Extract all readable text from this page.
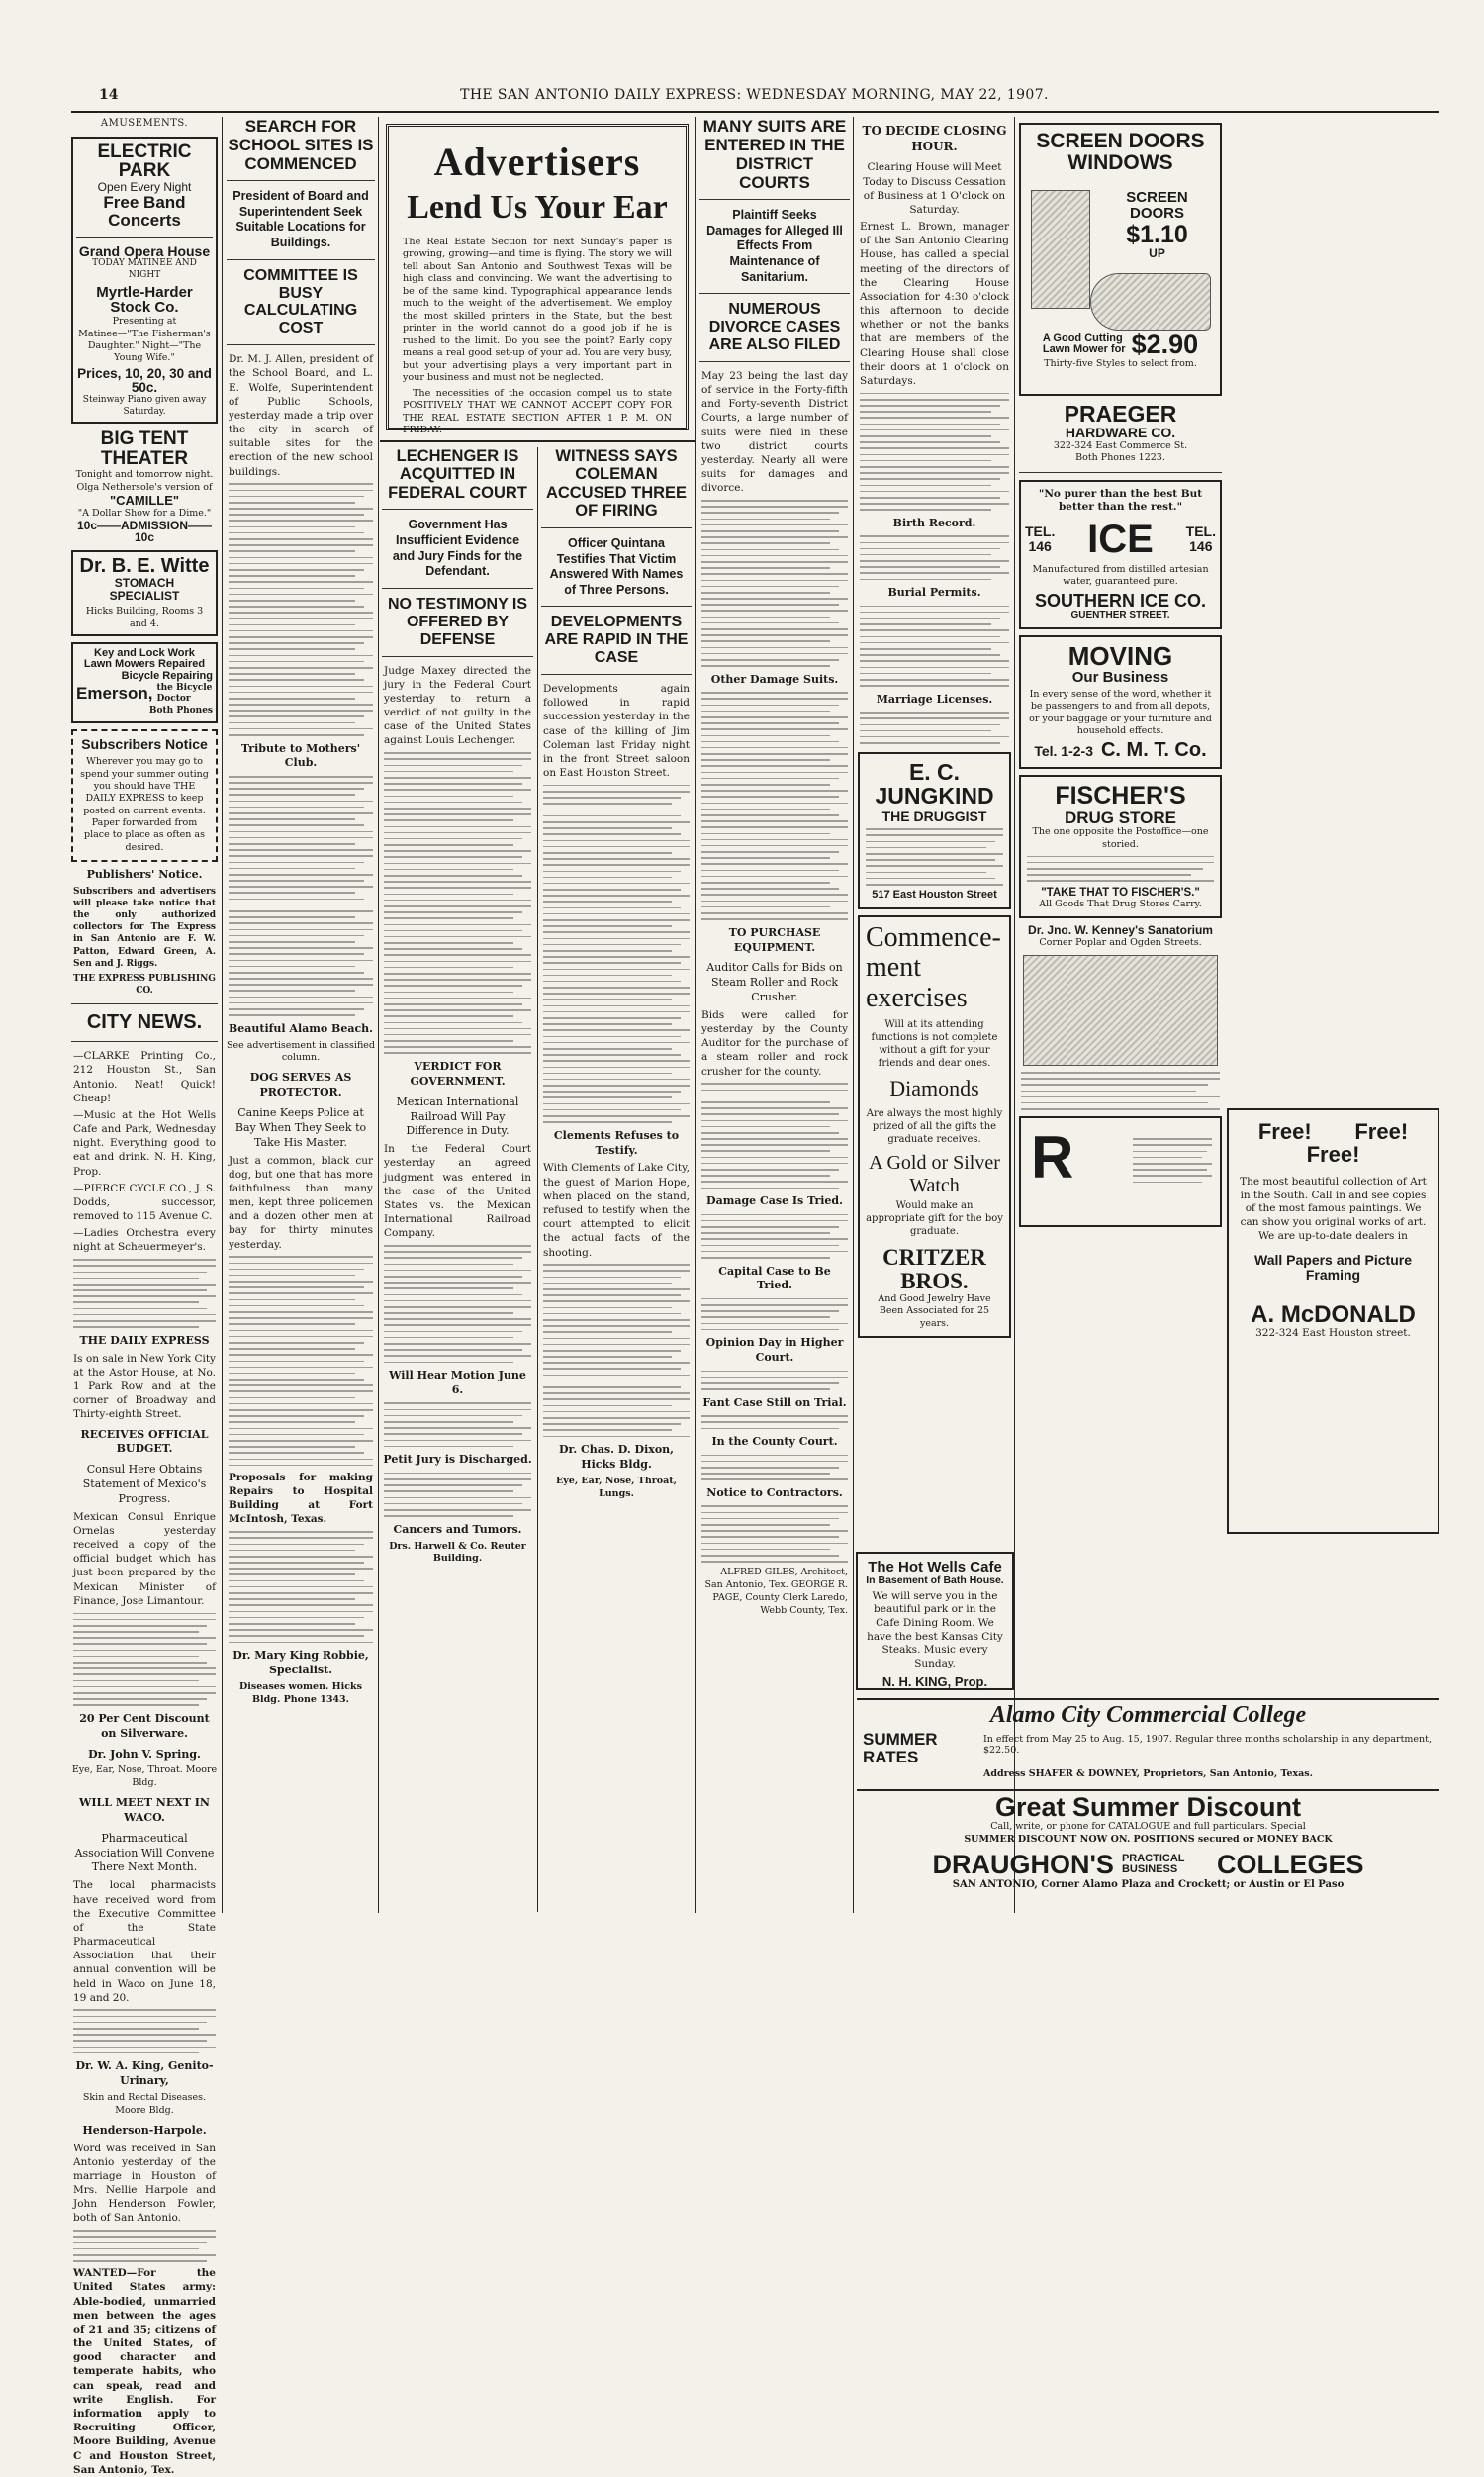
14	THE SAN ANTONIO DAILY EXPRESS: WEDNESDAY MORNING, MAY 22, 1907.
AMUSEMENTS.
ELECTRIC PARK
Open Every Night
Free Band Concerts
Grand Opera House
TODAY MATINEE AND NIGHT
Myrtle-Harder Stock Co.
Presenting at
Matinee—"The Fisherman's Daughter." Night—"The Young Wife."
Prices, 10, 20, 30 and 50c.
Steinway Piano given away Saturday.
BIG TENT THEATER
Tonight and tomorrow night. Olga Nethersole's version of
"CAMILLE"
"A Dollar Show for a Dime."
10c——ADMISSION——10c
Dr. B. E. Witte
STOMACH
SPECIALIST
Hicks Building, Rooms 3 and 4.
Key and Lock Work
Lawn Mowers Repaired
Bicycle Repairing
Emerson, the Bicycle Doctor
Both Phones
Subscribers Notice
Wherever you may go to spend your summer outing you should have THE DAILY EXPRESS to keep posted on current events. Paper forwarded from place to place as often as desired.
Publishers' Notice.
Subscribers and advertisers will please take notice that the only authorized collectors for The Express in San Antonio are F. W. Patton, Edward Green, A. Sen and J. Riggs.
THE EXPRESS PUBLISHING CO.
CITY NEWS.
—CLARKE Printing Co., 212 Houston St., San Antonio. Neat! Quick! Cheap!
—Music at the Hot Wells Cafe and Park, Wednesday night. Everything good to eat and drink. N. H. King, Prop.
—PIERCE CYCLE CO., J. S. Dodds, successor, removed to 115 Avenue C.
—Ladies Orchestra every night at Scheuermeyer's.
THE DAILY EXPRESS
Is on sale in New York City at the Astor House, at No. 1 Park Row and at the corner of Broadway and Thirty-eighth Street.
RECEIVES OFFICIAL BUDGET.
Consul Here Obtains Statement of Mexico's Progress.
Mexican Consul Enrique Ornelas yesterday received a copy of the official budget which has just been prepared by the Mexican Minister of Finance, Jose Limantour.
20 Per Cent Discount on Silverware.
Dr. John V. Spring.
Eye, Ear, Nose, Throat. Moore Bldg.
WILL MEET NEXT IN WACO.
Pharmaceutical Association Will Convene There Next Month.
The local pharmacists have received word from the Executive Committee of the State Pharmaceutical Association that their annual convention will be held in Waco on June 18, 19 and 20.
Dr. W. A. King, Genito-Urinary,
Skin and Rectal Diseases. Moore Bldg.
Henderson-Harpole.
Word was received in San Antonio yesterday of the marriage in Houston of Mrs. Nellie Harpole and John Henderson Fowler, both of San Antonio.
WANTED—For the United States army: Able-bodied, unmarried men between the ages of 21 and 35; citizens of the United States, of good character and temperate habits, who can speak, read and write English. For information apply to Recruiting Officer, Moore Building, Avenue C and Houston Street, San Antonio, Tex.
SEARCH FOR SCHOOL SITES IS COMMENCED
President of Board and Superintendent Seek Suitable Locations for Buildings.
COMMITTEE IS BUSY CALCULATING COST
Dr. M. J. Allen, president of the School Board, and L. E. Wolfe, Superintendent of Public Schools, yesterday made a trip over the city in search of suitable sites for the erection of the new school buildings.
Tribute to Mothers' Club.
Beautiful Alamo Beach.
See advertisement in classified column.
DOG SERVES AS PROTECTOR.
Canine Keeps Police at Bay When They Seek to Take His Master.
Just a common, black cur dog, but one that has more faithfulness than many men, kept three policemen and a dozen other men at bay for thirty minutes yesterday.
Proposals for making Repairs to Hospital Building at Fort McIntosh, Texas.
Dr. Mary King Robbie, Specialist.
Diseases women. Hicks Bldg. Phone 1343.
Advertisers
Lend Us Your Ear
The Real Estate Section for next Sunday's paper is growing, growing—and time is flying. The story we will tell about San Antonio and Southwest Texas will be high class and convincing. We want the advertising to be of the same kind. Typographical appearance lends much to the weight of the advertisement. We employ the most skilled printers in the State, but the best printer in the world cannot do a good job if he is rushed to the limit. Do you see the point? Early copy means a real good set-up of your ad. You are very busy, but your advertising plays a very important part in your business and must not be neglected.
The necessities of the occasion compel us to state POSITIVELY THAT WE CANNOT ACCEPT COPY FOR THE REAL ESTATE SECTION AFTER 1 P. M. ON FRIDAY.
LECHENGER IS ACQUITTED IN FEDERAL COURT
Government Has Insufficient Evidence and Jury Finds for the Defendant.
NO TESTIMONY IS OFFERED BY DEFENSE
Judge Maxey directed the jury in the Federal Court yesterday to return a verdict of not guilty in the case of the United States against Louis Lechenger.
VERDICT FOR GOVERNMENT.
Mexican International Railroad Will Pay Difference in Duty.
In the Federal Court yesterday an agreed judgment was entered in the case of the United States vs. the Mexican International Railroad Company.
Will Hear Motion June 6.
Petit Jury is Discharged.
Cancers and Tumors.
Drs. Harwell & Co. Reuter Building.
WITNESS SAYS COLEMAN ACCUSED THREE OF FIRING
Officer Quintana Testifies That Victim Answered With Names of Three Persons.
DEVELOPMENTS ARE RAPID IN THE CASE
Developments again followed in rapid succession yesterday in the case of the killing of Jim Coleman last Friday night in the front Street saloon on East Houston Street.
Clements Refuses to Testify.
With Clements of Lake City, the guest of Marion Hope, when placed on the stand, refused to testify when the court attempted to elicit the actual facts of the shooting.
Dr. Chas. D. Dixon, Hicks Bldg.
Eye, Ear, Nose, Throat, Lungs.
MANY SUITS ARE ENTERED IN THE DISTRICT COURTS
Plaintiff Seeks Damages for Alleged Ill Effects From Maintenance of Sanitarium.
NUMEROUS DIVORCE CASES ARE ALSO FILED
May 23 being the last day of service in the Forty-fifth and Forty-seventh District Courts, a large number of suits were filed in these two district courts yesterday. Nearly all were suits for damages and divorce.
Other Damage Suits.
TO PURCHASE EQUIPMENT.
Auditor Calls for Bids on Steam Roller and Rock Crusher.
Bids were called for yesterday by the County Auditor for the purchase of a steam roller and rock crusher for the county.
Damage Case Is Tried.
Capital Case to Be Tried.
Opinion Day in Higher Court.
Fant Case Still on Trial.
In the County Court.
Notice to Contractors.
ALFRED GILES, Architect, San Antonio, Tex. GEORGE R. PAGE, County Clerk Laredo, Webb County, Tex.
TO DECIDE CLOSING HOUR.
Clearing House will Meet Today to Discuss Cessation of Business at 1 O'clock on Saturday.
Ernest L. Brown, manager of the San Antonio Clearing House, has called a special meeting of the directors of the Clearing House Association for 4:30 o'clock this afternoon to decide whether or not the banks that are members of the Clearing House shall close their doors at 1 o'clock on Saturdays.
Birth Record.
Burial Permits.
Marriage Licenses.
E. C. JUNGKIND
THE DRUGGIST
517 East Houston Street
Commence-
ment
exercises
Will at its attending functions is not complete without a gift for your friends and dear ones.
Diamonds
Are always the most highly prized of all the gifts the graduate receives.
A Gold or Silver Watch
Would make an appropriate gift for the boy graduate.
CRITZER BROS.
And Good Jewelry Have Been Associated for 25 years.
The Hot Wells Cafe
In Basement of Bath House.
We will serve you in the beautiful park or in the Cafe Dining Room. We have the best Kansas City Steaks. Music every Sunday.
N. H. KING, Prop.
SCREEN DOORS WINDOWS
SCREEN DOORS
$1.10
UP
A Good Cutting
Lawn Mower for $2.90
Thirty-five Styles to select from.
PRAEGER
HARDWARE CO.
322-324 East Commerce St.
Both Phones 1223.
"No purer than the best But better than the rest."
TEL.
146 ICE TEL.
146
Manufactured from distilled artesian water, guaranteed pure.
SOUTHERN ICE CO.
GUENTHER STREET.
MOVING
Our Business
In every sense of the word, whether it be passengers to and from all depots, or your baggage or your furniture and household effects.
Tel. 1-2-3 C. M. T. Co.
FISCHER'S
DRUG STORE
The one opposite the Postoffice—one storied.
"TAKE THAT TO FISCHER'S."
All Goods That Drug Stores Carry.
Dr. Jno. W. Kenney's Sanatorium
Corner Poplar and Ogden Streets.
R
Alamo City Commercial College
SUMMER RATES
In effect from May 25 to Aug. 15, 1907. Regular three months scholarship in any department, $22.50.
Address SHAFER & DOWNEY, Proprietors, San Antonio, Texas.
Great Summer Discount
Call, write, or phone for CATALOGUE and full particulars. Special
SUMMER DISCOUNT NOW ON. POSITIONS secured or MONEY BACK
DRAUGHON'S PRACTICAL BUSINESS	COLLEGES
SAN ANTONIO, Corner Alamo Plaza and Crockett; or Austin or El Paso
Free! Free!
Free!
The most beautiful collection of Art in the South. Call in and see copies of the most famous paintings. We can show you original works of art. We are up-to-date dealers in
Wall Papers and Picture Framing
A. McDONALD
322-324 East Houston street.
